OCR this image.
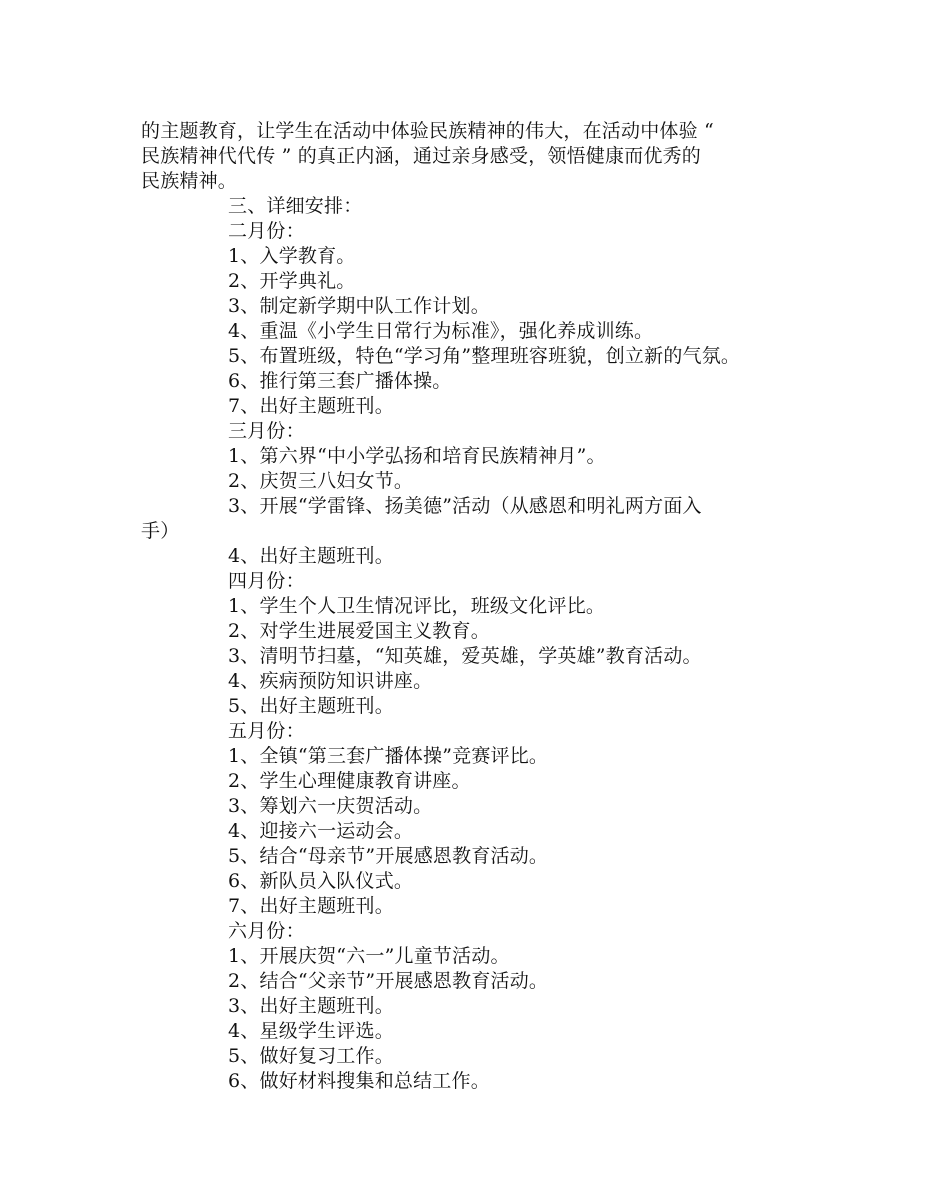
的主题教育，让学生在活动中体验民族精神的伟大，在活动中体验 “
民族精神代代传 ” 的真正内涵，通过亲身感受，领悟健康而优秀的
民族精神。
三、详细安排：
二月份：
1、入学教育。
2、开学典礼。
3、制定新学期中队工作计划。
4、重温《小学生日常行为标准》，强化养成训练。
5、布置班级，特色“学习角”整理班容班貌，创立新的气氛。
6、推行第三套广播体操。
7、出好主题班刊。
三月份：
1、第六界“中小学弘扬和培育民族精神月”。
2、庆贺三八妇女节。
3、开展“学雷锋、扬美德”活动（从感恩和明礼两方面入
手）
4、出好主题班刊。
四月份：
1、学生个人卫生情况评比，班级文化评比。
2、对学生进展爱国主义教育。
3、清明节扫墓，“知英雄，爱英雄，学英雄”教育活动。
4、疾病预防知识讲座。
5、出好主题班刊。
五月份：
1、全镇“第三套广播体操”竞赛评比。
2、学生心理健康教育讲座。
3、筹划六一庆贺活动。
4、迎接六一运动会。
5、结合“母亲节”开展感恩教育活动。
6、新队员入队仪式。
7、出好主题班刊。
六月份：
1、开展庆贺“六一”儿童节活动。
2、结合“父亲节”开展感恩教育活动。
3、出好主题班刊。
4、星级学生评选。
5、做好复习工作。
6、做好材料搜集和总结工作。
